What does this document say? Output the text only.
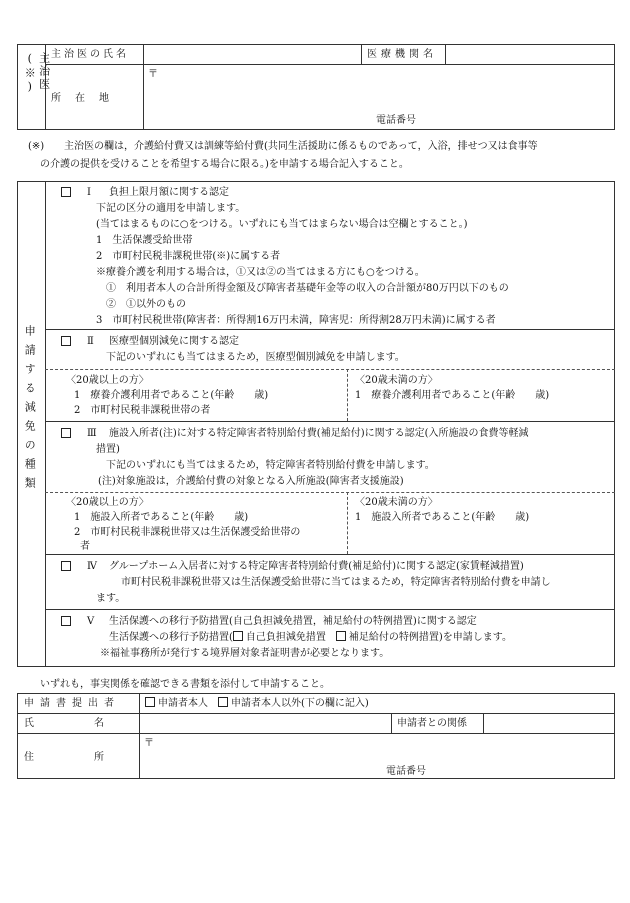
主治医(※)	主治医の氏名	医療機関名
所　在　地
〒
電話番号
(※) 主治医の欄は，介護給付費又は訓練等給付費(共同生活援助に係るものであって，入浴，排せつ又は食事等
の介護の提供を受けることを希望する場合に限る。)を申請する場合記入すること。
申請する減免の種類
Ⅰ 負担上限月額に関する認定
下記の区分の適用を申請します。
(当てはまるものに○をつける。いずれにも当てはまらない場合は空欄とすること。)
1　生活保護受給世帯
2　市町村民税非課税世帯(※)に属する者
※療養介護を利用する場合は，①又は②の当てはまる方にも○をつける。
①　利用者本人の合計所得金額及び障害者基礎年金等の収入の合計額が80万円以下のもの
②　①以外のもの
3　市町村民税世帯(障害者：所得割16万円未満，障害児：所得割28万円未満)に属する者
Ⅱ 医療型個別減免に関する認定
下記のいずれにも当てはまるため，医療型個別減免を申請します。
〈20歳以上の方〉
1　療養介護利用者であること(年齢　　歳)
2　市町村民税非課税世帯の者
〈20歳未満の方〉
1　療養介護利用者であること(年齢　　歳)
Ⅲ 施設入所者(注)に対する特定障害者特別給付費(補足給付)に関する認定(入所施設の食費等軽減
措置)
下記のいずれにも当てはまるため，特定障害者特別給付費を申請します。
(注)対象施設は，介護給付費の対象となる入所施設(障害者支援施設)
〈20歳以上の方〉
1　施設入所者であること(年齢　　歳)
2　市町村民税非課税世帯又は生活保護受給世帯の
者
〈20歳未満の方〉
1　施設入所者であること(年齢　　歳)
Ⅳ グループホーム入居者に対する特定障害者特別給付費(補足給付)に関する認定(家賃軽減措置)
市町村民税非課税世帯又は生活保護受給世帯に当てはまるため，特定障害者特別給付費を申請し
ます。
Ⅴ 生活保護への移行予防措置(自己負担減免措置，補足給付の特例措置)に関する認定
生活保護への移行予防措置( 自己負担減免措置　 補足給付の特例措置)を申請します。
※福祉事務所が発行する境界層対象者証明書が必要となります。
いずれも，事実関係を確認できる書類を添付して申請すること。
申請書提出者	申請者本人　 申請者本人以外(下の欄に記入)
氏　　　　　　名	申請者との関係
住　　　　　　所
〒
電話番号
